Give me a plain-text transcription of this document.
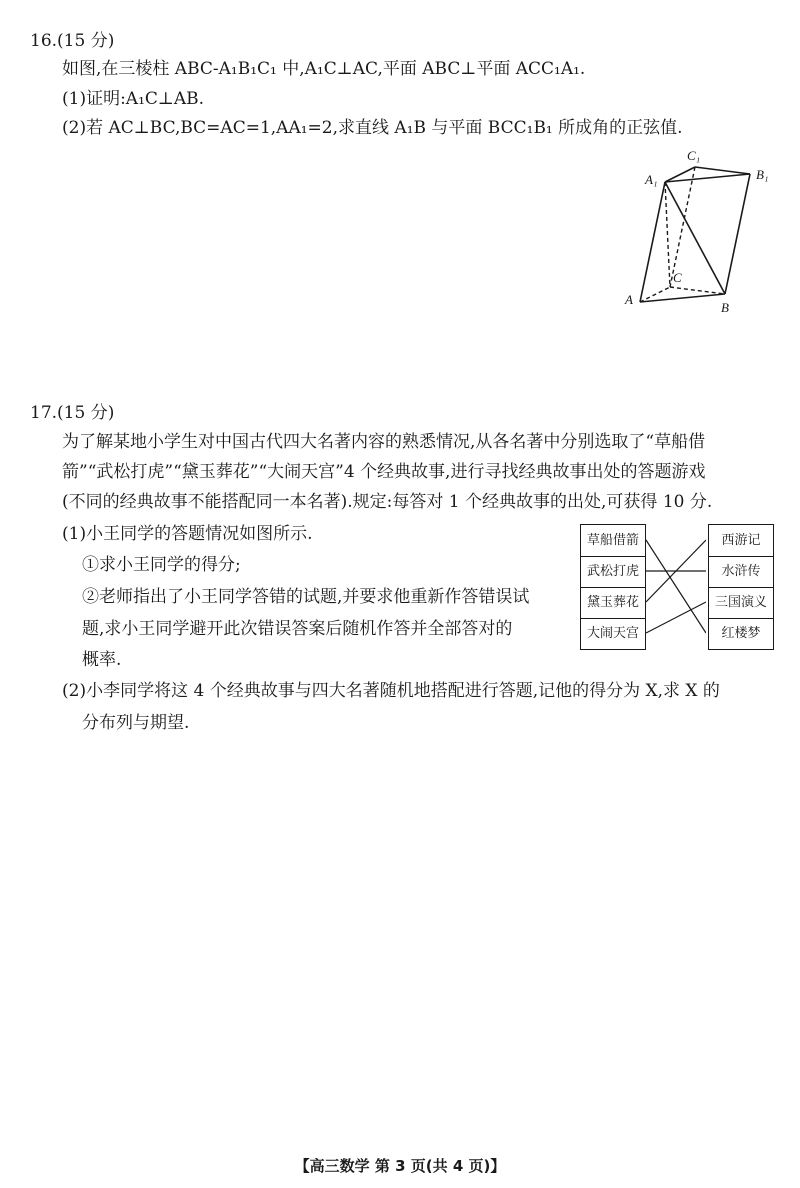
16.(15 分)
如图,在三棱柱 ABC-A₁B₁C₁ 中,A₁C⊥AC,平面 ABC⊥平面 ACC₁A₁.
(1)证明:A₁C⊥AB.
(2)若 AC⊥BC,BC=AC=1,AA₁=2,求直线 A₁B 与平面 BCC₁B₁ 所成角的正弦值.
A₁
C₁
B₁
A
B
C
17.(15 分)
为了解某地小学生对中国古代四大名著内容的熟悉情况,从各名著中分别选取了“草船借
箭”“武松打虎”“黛玉葬花”“大闹天宫”4 个经典故事,进行寻找经典故事出处的答题游戏
(不同的经典故事不能搭配同一本名著).规定:每答对 1 个经典故事的出处,可获得 10 分.
(1)小王同学的答题情况如图所示.
①求小王同学的得分;
②老师指出了小王同学答错的试题,并要求他重新作答错误试
题,求小王同学避开此次错误答案后随机作答并全部答对的
概率.
(2)小李同学将这 4 个经典故事与四大名著随机地搭配进行答题,记他的得分为 X,求 X 的
分布列与期望.
草船借箭
武松打虎
黛玉葬花
大闹天宫
西游记
水浒传
三国演义
红楼梦
【高三数学 第 3 页(共 4 页)】
